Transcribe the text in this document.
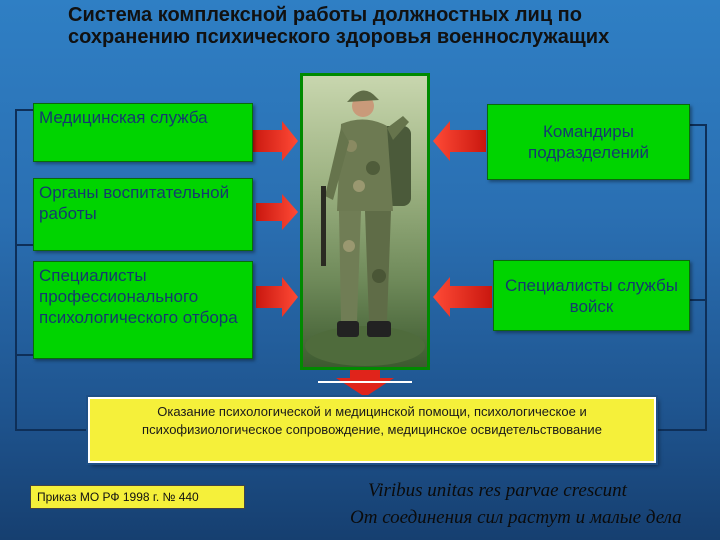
Система комплексной работы должностных лиц по сохранению психического здоровья военнослужащих
Медицинская служба
Органы воспитательной работы
Специалисты профессионального психологического отбора
Командиры подразделений
Специалисты службы войск
Оказание психологической и медицинской помощи, психологическое и психофизиологическое сопровождение, медицинское освидетельствование
Приказ МО РФ 1998 г. № 440	Viribus unitas res parvae crescunt
От соединения сил растут и малые дела
